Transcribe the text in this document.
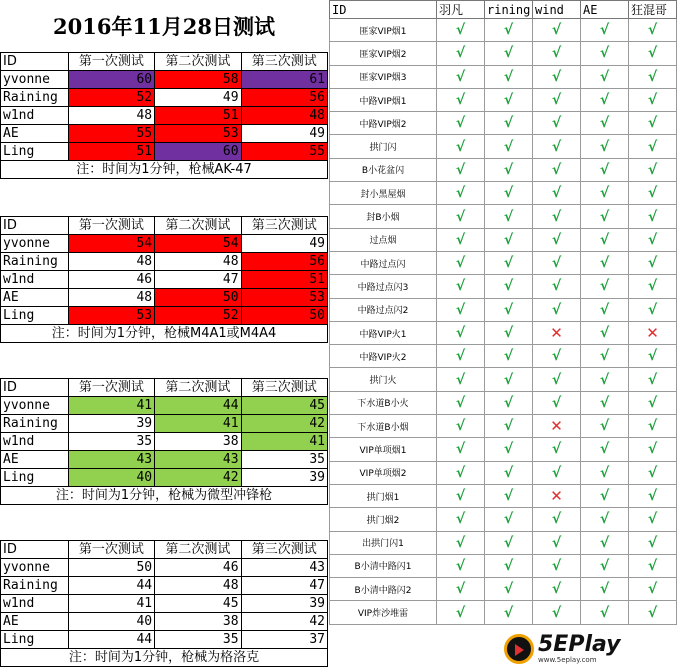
2016年11月28日测试
ID	第一次测试	第二次测试	第三次测试
yvonne	60	58	61
Raining	52	49	56
w1nd	48	51	48
AE	55	53	49
Ling	51	60	55
注：时间为1分钟，枪械AK-47			
ID	第一次测试	第二次测试	第三次测试
yvonne	54	54	49
Raining	48	48	56
w1nd	46	47	51
AE	48	50	53
Ling	53	52	50
注：时间为1分钟，枪械M4A1或M4A4			
ID	第一次测试	第二次测试	第三次测试
yvonne	41	44	45
Raining	39	41	42
w1nd	35	38	41
AE	43	43	35
Ling	40	42	39
注：时间为1分钟，枪械为微型冲锋枪			
ID	第一次测试	第二次测试	第三次测试
yvonne	50	46	43
Raining	44	48	47
w1nd	41	45	39
AE	40	38	42
Ling	44	35	37
注：时间为1分钟，枪械为格洛克			
ID	羽凡	rining	wind	AE	狂混哥
匪家VIP烟1	√	√	√	√	√
匪家VIP烟2	√	√	√	√	√
匪家VIP烟3	√	√	√	√	√
中路VIP烟1	√	√	√	√	√
中路VIP烟2	√	√	√	√	√
拱门闪	√	√	√	√	√
B小花盆闪	√	√	√	√	√
封小黑屋烟	√	√	√	√	√
封B小烟	√	√	√	√	√
过点烟	√	√	√	√	√
中路过点闪	√	√	√	√	√
中路过点闪3	√	√	√	√	√
中路过点闪2	√	√	√	√	√
中路VIP火1	√	√	✕	√	✕
中路VIP火2	√	√	√	√	√
拱门火	√	√	√	√	√
下水道B小火	√	√	√	√	√
下水道B小烟	√	√	✕	√	√
VIP单项烟1	√	√	√	√	√
VIP单项烟2	√	√	√	√	√
拱门烟1	√	√	✕	√	√
拱门烟2	√	√	√	√	√
出拱门闪1	√	√	√	√	√
B小清中路闪1	√	√	√	√	√
B小清中路闪2	√	√	√	√	√
VIP炸沙堆雷	√	√	√	√	√
5EPlay
www.5eplay.com
